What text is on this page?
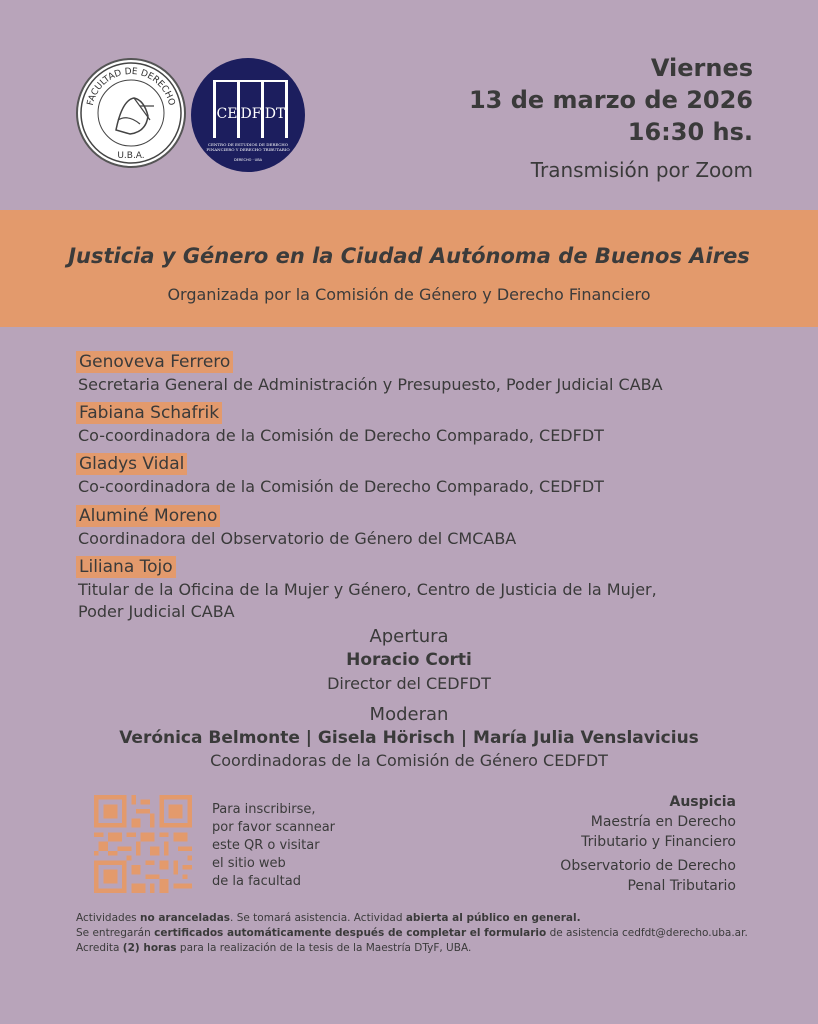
FACULTAD DE DERECHO
U.B.A.
CE DF DT
CENTRO DE ESTUDIOS DE DERECHO FINANCIERO Y DERECHO TRIBUTARIO
DERECHO · UBA
Viernes
13 de marzo de 2026
16:30 hs.
Transmisión por Zoom
Justicia y Género en la Ciudad Autónoma de Buenos Aires
Organizada por la Comisión de Género y Derecho Financiero
Genoveva Ferrero
Secretaria General de Administración y Presupuesto, Poder Judicial CABA
Fabiana Schafrik
Co-coordinadora de la Comisión de Derecho Comparado, CEDFDT
Gladys Vidal
Co-coordinadora de la Comisión de Derecho Comparado, CEDFDT
Aluminé Moreno
Coordinadora del Observatorio de Género del CMCABA
Liliana Tojo
Titular de la Oficina de la Mujer y Género, Centro de Justicia de la Mujer,
Poder Judicial CABA
Apertura
Horacio Corti
Director del CEDFDT
Moderan
Verónica Belmonte | Gisela Hörisch | María Julia Venslavicius
Coordinadoras de la Comisión de Género CEDFDT
Para inscribirse,
por favor scannear
este QR o visitar
el sitio web
de la facultad
Auspicia
Maestría en Derecho
Tributario y Financiero
Observatorio de Derecho
Penal Tributario
Actividades no aranceladas. Se tomará asistencia. Actividad abierta al público en general.
Se entregarán certificados automáticamente después de completar el formulario de asistencia cedfdt@derecho.uba.ar.
Acredita (2) horas para la realización de la tesis de la Maestría DTyF, UBA.
